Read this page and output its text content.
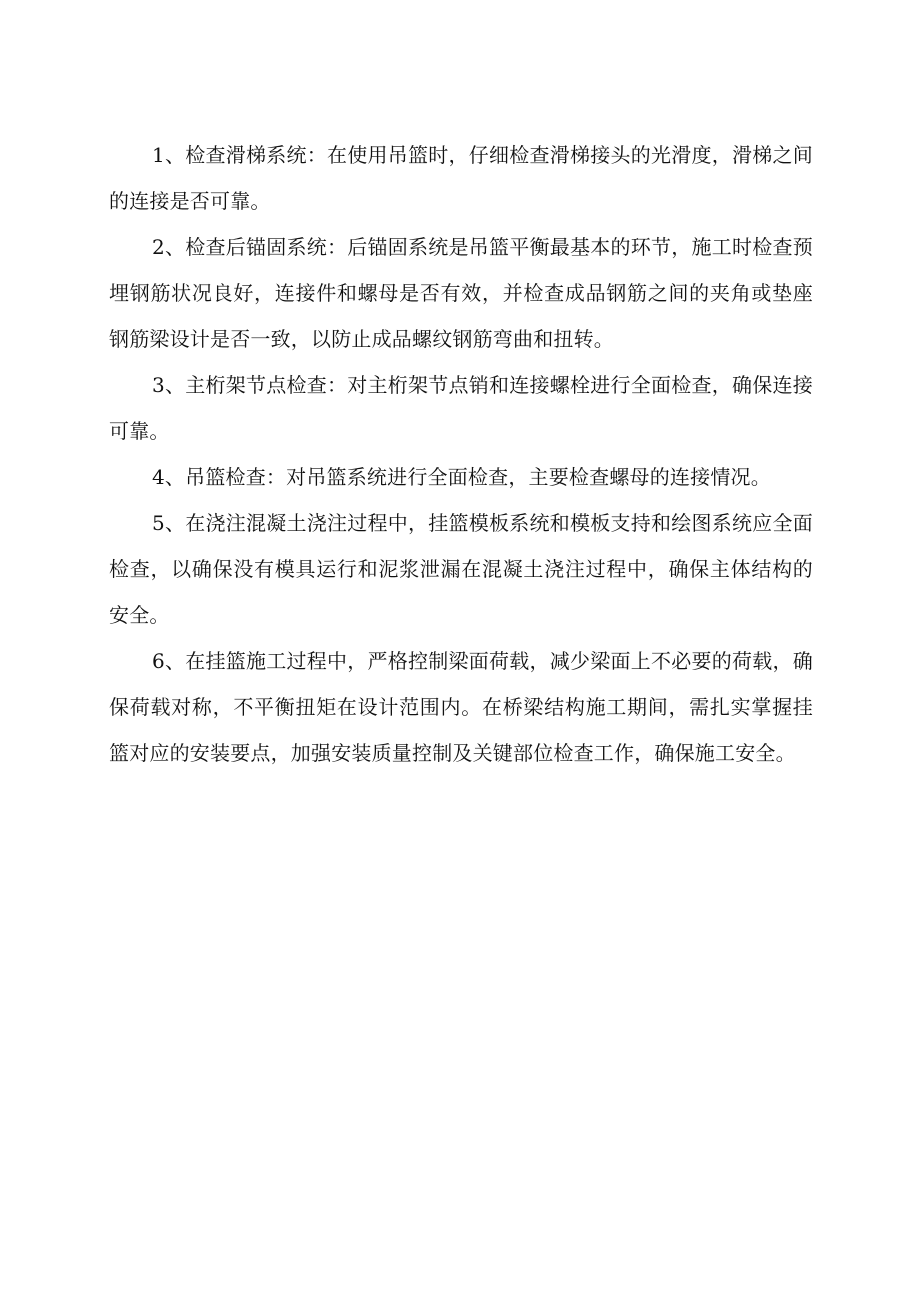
1、检查滑梯系统：在使用吊篮时，仔细检查滑梯接头的光滑度，滑梯之间的连接是否可靠。

2、检查后锚固系统：后锚固系统是吊篮平衡最基本的环节，施工时检查预埋钢筋状况良好，连接件和螺母是否有效，并检查成品钢筋之间的夹角或垫座钢筋梁设计是否一致，以防止成品螺纹钢筋弯曲和扭转。

3、主桁架节点检查：对主桁架节点销和连接螺栓进行全面检查，确保连接可靠。

4、吊篮检查：对吊篮系统进行全面检查，主要检查螺母的连接情况。

5、在浇注混凝土浇注过程中，挂篮模板系统和模板支持和绘图系统应全面检查，以确保没有模具运行和泥浆泄漏在混凝土浇注过程中，确保主体结构的安全。

6、在挂篮施工过程中，严格控制梁面荷载，减少梁面上不必要的荷载，确保荷载对称，不平衡扭矩在设计范围内。在桥梁结构施工期间，需扎实掌握挂篮对应的安装要点，加强安装质量控制及关键部位检查工作，确保施工安全。
